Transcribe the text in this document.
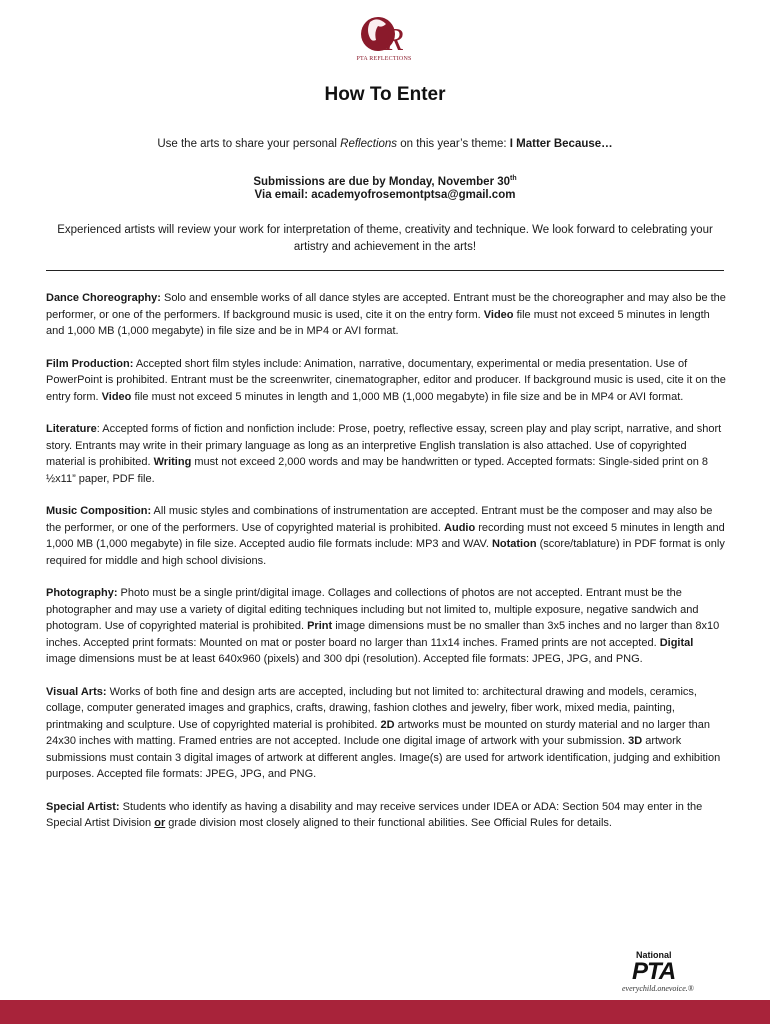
R
PTA REFLECTIONS
How To Enter
Use the arts to share your personal Reflections on this year’s theme: I Matter Because…
Submissions are due by Monday, November 30th
Via email: academyofrosemontptsa@gmail.com
Experienced artists will review your work for interpretation of theme, creativity and technique. We look forward to celebrating your artistry and achievement in the arts!

Dance Choreography: Solo and ensemble works of all dance styles are accepted. Entrant must be the choreographer and may also be the performer, or one of the performers. If background music is used, cite it on the entry form. Video file must not exceed 5 minutes in length and 1,000 MB (1,000 megabyte) in file size and be in MP4 or AVI format.

Film Production: Accepted short film styles include: Animation, narrative, documentary, experimental or media presentation. Use of PowerPoint is prohibited. Entrant must be the screenwriter, cinematographer, editor and producer. If background music is used, cite it on the entry form. Video file must not exceed 5 minutes in length and 1,000 MB (1,000 megabyte) in file size and be in MP4 or AVI format.

Literature: Accepted forms of fiction and nonfiction include: Prose, poetry, reflective essay, screen play and play script, narrative, and short story. Entrants may write in their primary language as long as an interpretive English translation is also attached. Use of copyrighted material is prohibited. Writing must not exceed 2,000 words and may be handwritten or typed. Accepted formats: Single-sided print on 8 ½x11” paper, PDF file.

Music Composition: All music styles and combinations of instrumentation are accepted. Entrant must be the composer and may also be the performer, or one of the performers. Use of copyrighted material is prohibited. Audio recording must not exceed 5 minutes in length and 1,000 MB (1,000 megabyte) in file size. Accepted audio file formats include: MP3 and WAV. Notation (score/tablature) in PDF format is only required for middle and high school divisions.

Photography: Photo must be a single print/digital image. Collages and collections of photos are not accepted. Entrant must be the photographer and may use a variety of digital editing techniques including but not limited to, multiple exposure, negative sandwich and photogram. Use of copyrighted material is prohibited. Print image dimensions must be no smaller than 3x5 inches and no larger than 8x10 inches. Accepted print formats: Mounted on mat or poster board no larger than 11x14 inches. Framed prints are not accepted. Digital image dimensions must be at least 640x960 (pixels) and 300 dpi (resolution). Accepted file formats: JPEG, JPG, and PNG.

Visual Arts: Works of both fine and design arts are accepted, including but not limited to: architectural drawing and models, ceramics, collage, computer generated images and graphics, crafts, drawing, fashion clothes and jewelry, fiber work, mixed media, painting, printmaking and sculpture. Use of copyrighted material is prohibited. 2D artworks must be mounted on sturdy material and no larger than 24x30 inches with matting. Framed entries are not accepted. Include one digital image of artwork with your submission. 3D artwork submissions must contain 3 digital images of artwork at different angles. Image(s) are used for artwork identification, judging and exhibition purposes. Accepted file formats: JPEG, JPG, and PNG.

Special Artist: Students who identify as having a disability and may receive services under IDEA or ADA: Section 504 may enter in the Special Artist Division or grade division most closely aligned to their functional abilities. See Official Rules for details.

National
PTA
everychild.onevoice.®
